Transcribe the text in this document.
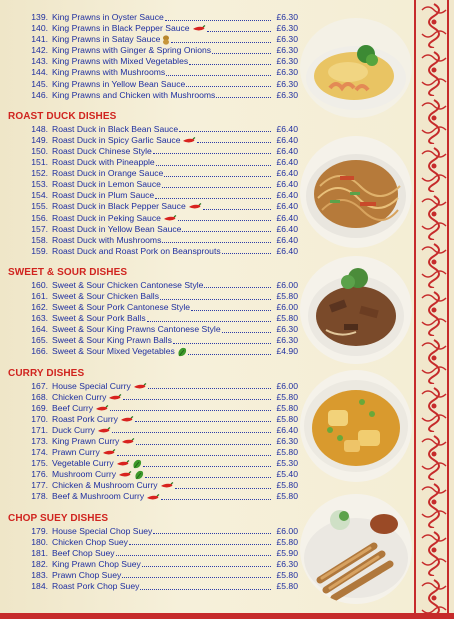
139. King Prawns in Oyster Sauce	£6.30
140. King Prawns in Black Pepper Sauce	£6.30
141. King Prawns in Satay Sauce	£6.30
142. King Prawns with Ginger & Spring Onions	£6.30
143. King Prawns with Mixed Vegetables	£6.30
144. King Prawns with Mushrooms	£6.30
145. King Prawns in Yellow Bean Sauce	£6.30
146. King Prawns and Chicken with Mushrooms	£6.30
ROAST DUCK DISHES
148. Roast Duck in Black Bean Sauce	£6.40
149. Roast Duck in Spicy Garlic Sauce	£6.40
150. Roast Duck Chinese Style	£6.40
151. Roast Duck with Pineapple	£6.40
152. Roast Duck in Orange Sauce	£6.40
153. Roast Duck in Lemon Sauce	£6.40
154. Roast Duck in Plum Sauce	£6.40
155. Roast Duck in Black Pepper Sauce	£6.40
156. Roast Duck in Peking Sauce	£6.40
157. Roast Duck in Yellow Bean Sauce	£6.40
158. Roast Duck with Mushrooms	£6.40
159. Roast Duck and Roast Pork on Beansprouts	£6.40
SWEET & SOUR DISHES
160. Sweet & Sour Chicken Cantonese Style	£6.00
161. Sweet & Sour Chicken Balls	£5.80
162. Sweet & Sour Pork Cantonese Style	£6.00
163. Sweet & Sour Pork Balls	£5.80
164. Sweet & Sour King Prawns Cantonese Style	£6.30
165. Sweet & Sour King Prawn Balls	£6.30
166. Sweet & Sour Mixed Vegetables	£4.90
CURRY DISHES
167. House Special Curry	£6.00
168. Chicken Curry	£5.80
169. Beef Curry	£5.80
170. Roast Pork Curry	£5.80
171. Duck Curry	£6.40
173. King Prawn Curry	£6.30
174. Prawn Curry	£5.80
175. Vegetable Curry	£5.30
176. Mushroom Curry	£5.40
177. Chicken & Mushroom Curry	£5.80
178. Beef & Mushroom Curry	£5.80
CHOP SUEY DISHES
179. House Special Chop Suey	£6.00
180. Chicken Chop Suey	£5.80
181. Beef Chop Suey	£5.90
182. King Prawn Chop Suey	£6.30
183. Prawn Chop Suey	£5.80
184. Roast Pork Chop Suey	£5.80
